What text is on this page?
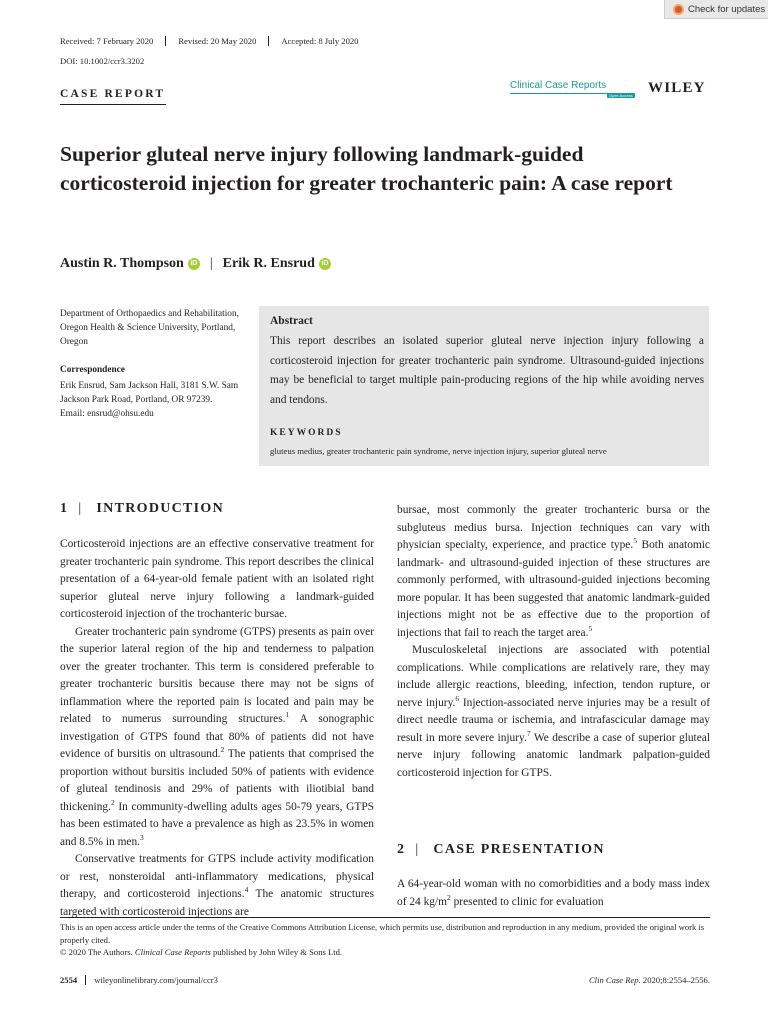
Check for updates
Received: 7 February 2020	Revised: 20 May 2020	Accepted: 8 July 2020
DOI: 10.1002/ccr3.3202
CASE REPORT
Clinical Case Reports
Open Access WILEY
Superior gluteal nerve injury following landmark-guided corticosteroid injection for greater trochanteric pain: A case report
Austin R. Thompson iD | Erik R. Ensrud iD
Department of Orthopaedics and Rehabilitation, Oregon Health & Science University, Portland, Oregon
Correspondence
Erik Ensrud, Sam Jackson Hall, 3181 S.W. Sam Jackson Park Road, Portland, OR 97239.
Email: ensrud@ohsu.edu
Abstract
This report describes an isolated superior gluteal nerve injection injury following a corticosteroid injection for greater trochanteric pain syndrome. Ultrasound-guided injections may be beneficial to target multiple pain-producing regions of the hip while avoiding nerves and tendons.
KEYWORDS
gluteus medius, greater trochanteric pain syndrome, nerve injection injury, superior gluteal nerve
1 | INTRODUCTION

Corticosteroid injections are an effective conservative treatment for greater trochanteric pain syndrome. This report describes the clinical presentation of a 64-year-old female patient with an isolated right superior gluteal nerve injury following a landmark-guided corticosteroid injection of the trochanteric bursae.

Greater trochanteric pain syndrome (GTPS) presents as pain over the superior lateral region of the hip and tenderness to palpation over the greater trochanter. This term is considered preferable to greater trochanteric bursitis because there may not be signs of inflammation where the reported pain is located and pain may be related to numerus surrounding structures.$^1$ A sonographic investigation of GTPS found that 80% of patients did not have evidence of bursitis on ultrasound.$^2$ The patients that comprised the proportion without bursitis included 50% of patients with evidence of gluteal tendinosis and 29% of patients with iliotibial band thickening.$^2$ In community-dwelling adults ages 50-79 years, GTPS has been estimated to have a prevalence as high as 23.5% in women and 8.5% in men.$^3$

Conservative treatments for GTPS include activity modification or rest, nonsteroidal anti-inflammatory medications, physical therapy, and corticosteroid injections.$^4$ The anatomic structures targeted with corticosteroid injections are

bursae, most commonly the greater trochanteric bursa or the subgluteus medius bursa. Injection techniques can vary with physician specialty, experience, and practice type.$^5$ Both anatomic landmark- and ultrasound-guided injection of these structures are commonly performed, with ultrasound-guided injections becoming more popular. It has been suggested that anatomic landmark-guided injections might not be as effective due to the proportion of injections that fail to reach the target area.$^5$

Musculoskeletal injections are associated with potential complications. While complications are relatively rare, they may include allergic reactions, bleeding, infection, tendon rupture, or nerve injury.$^6$ Injection-associated nerve injuries may be a result of direct needle trauma or ischemia, and intrafascicular damage may result in more severe injury.$^7$ We describe a case of superior gluteal nerve injury following anatomic landmark palpation-guided corticosteroid injection for GTPS.

2 | CASE PRESENTATION

A 64-year-old woman with no comorbidities and a body mass index of 24 $kg/m^2$ presented to clinic for evaluation

This is an open access article under the terms of the Creative Commons Attribution License, which permits use, distribution and reproduction in any medium, provided the original work is properly cited.
© 2020 The Authors. Clinical Case Reports published by John Wiley & Sons Ltd.
2554	wileyonlinelibrary.com/journal/ccr3	Clin Case Rep. 2020;8:2554–2556.
